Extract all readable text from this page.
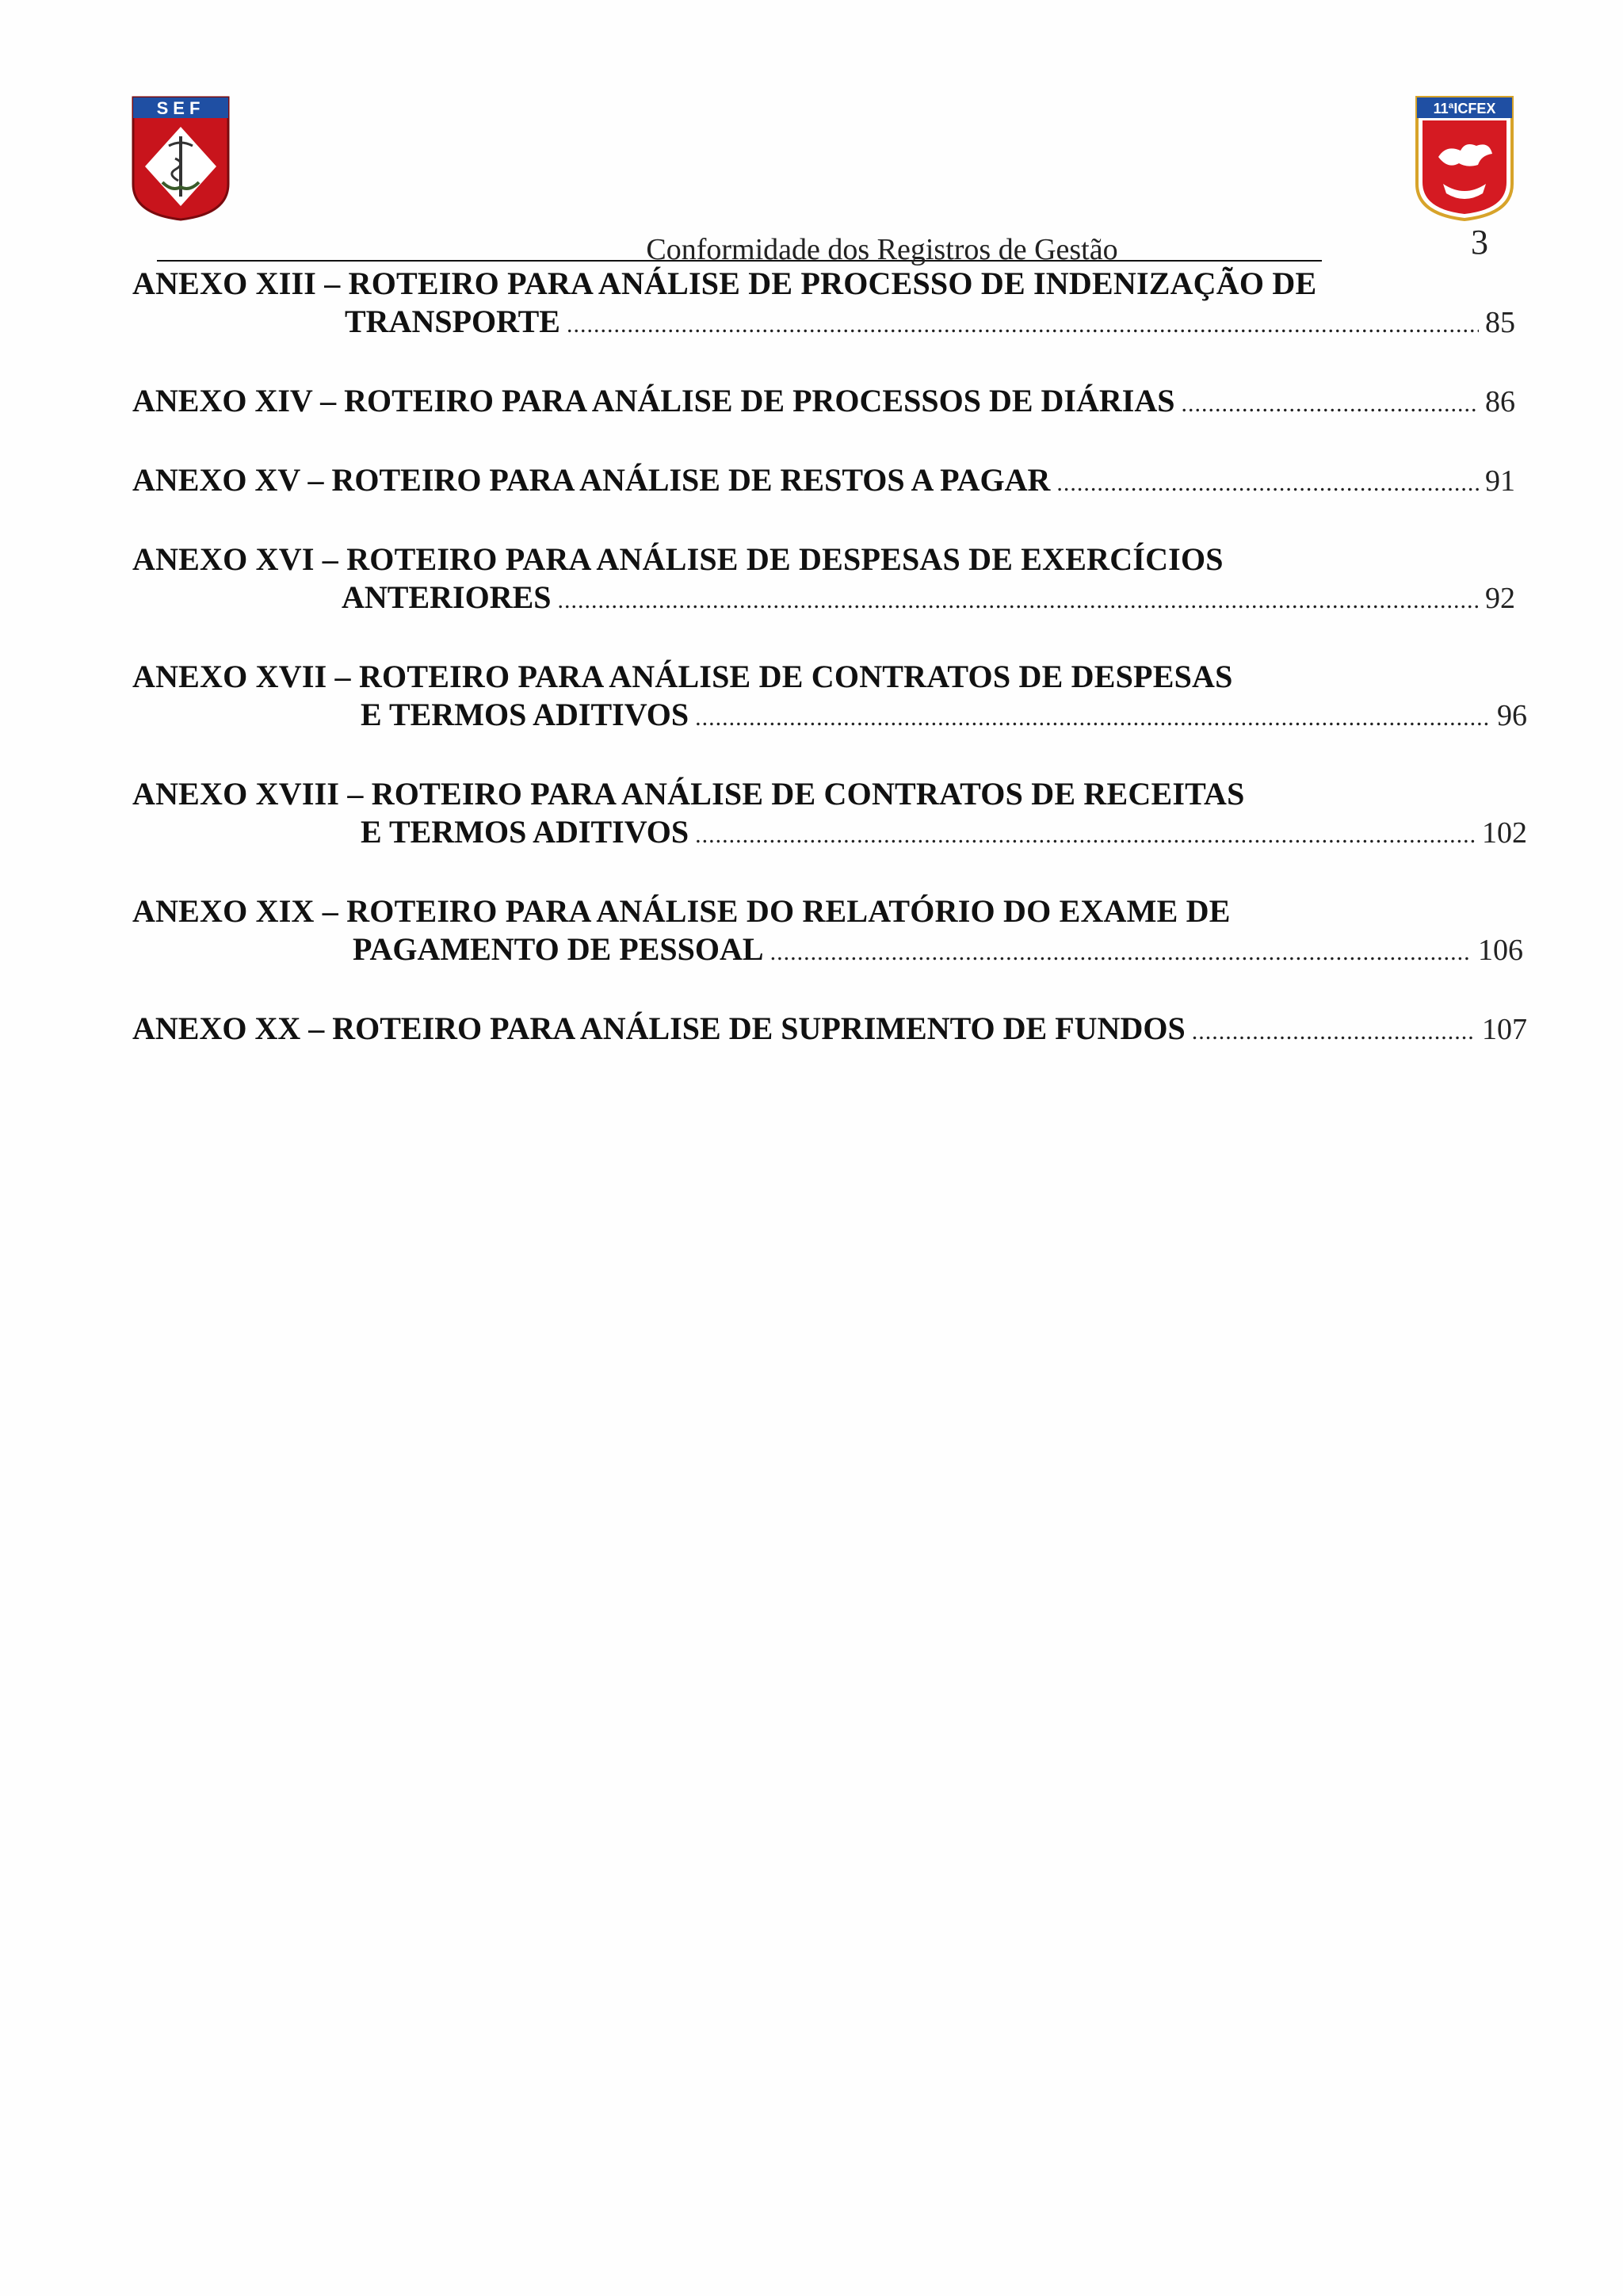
SEF	11ªICFEX
Conformidade dos Registros de Gestão	3
ANEXO XIII – ROTEIRO PARA ANÁLISE DE PROCESSO DE INDENIZAÇÃO DE
TRANSPORTE .....	85
ANEXO XIV – ROTEIRO PARA ANÁLISE DE PROCESSOS DE DIÁRIAS .....	86
ANEXO XV – ROTEIRO PARA ANÁLISE DE RESTOS A PAGAR .....	91
ANEXO XVI – ROTEIRO PARA ANÁLISE DE DESPESAS DE EXERCÍCIOS
ANTERIORES .....	92
ANEXO XVII – ROTEIRO PARA ANÁLISE DE CONTRATOS DE DESPESAS
E TERMOS ADITIVOS .....	96
ANEXO XVIII – ROTEIRO PARA ANÁLISE DE CONTRATOS DE RECEITAS
E TERMOS ADITIVOS .....	102
ANEXO XIX – ROTEIRO PARA ANÁLISE DO RELATÓRIO DO EXAME DE
PAGAMENTO DE PESSOAL .....	106
ANEXO XX – ROTEIRO PARA ANÁLISE DE SUPRIMENTO DE FUNDOS .....	107
